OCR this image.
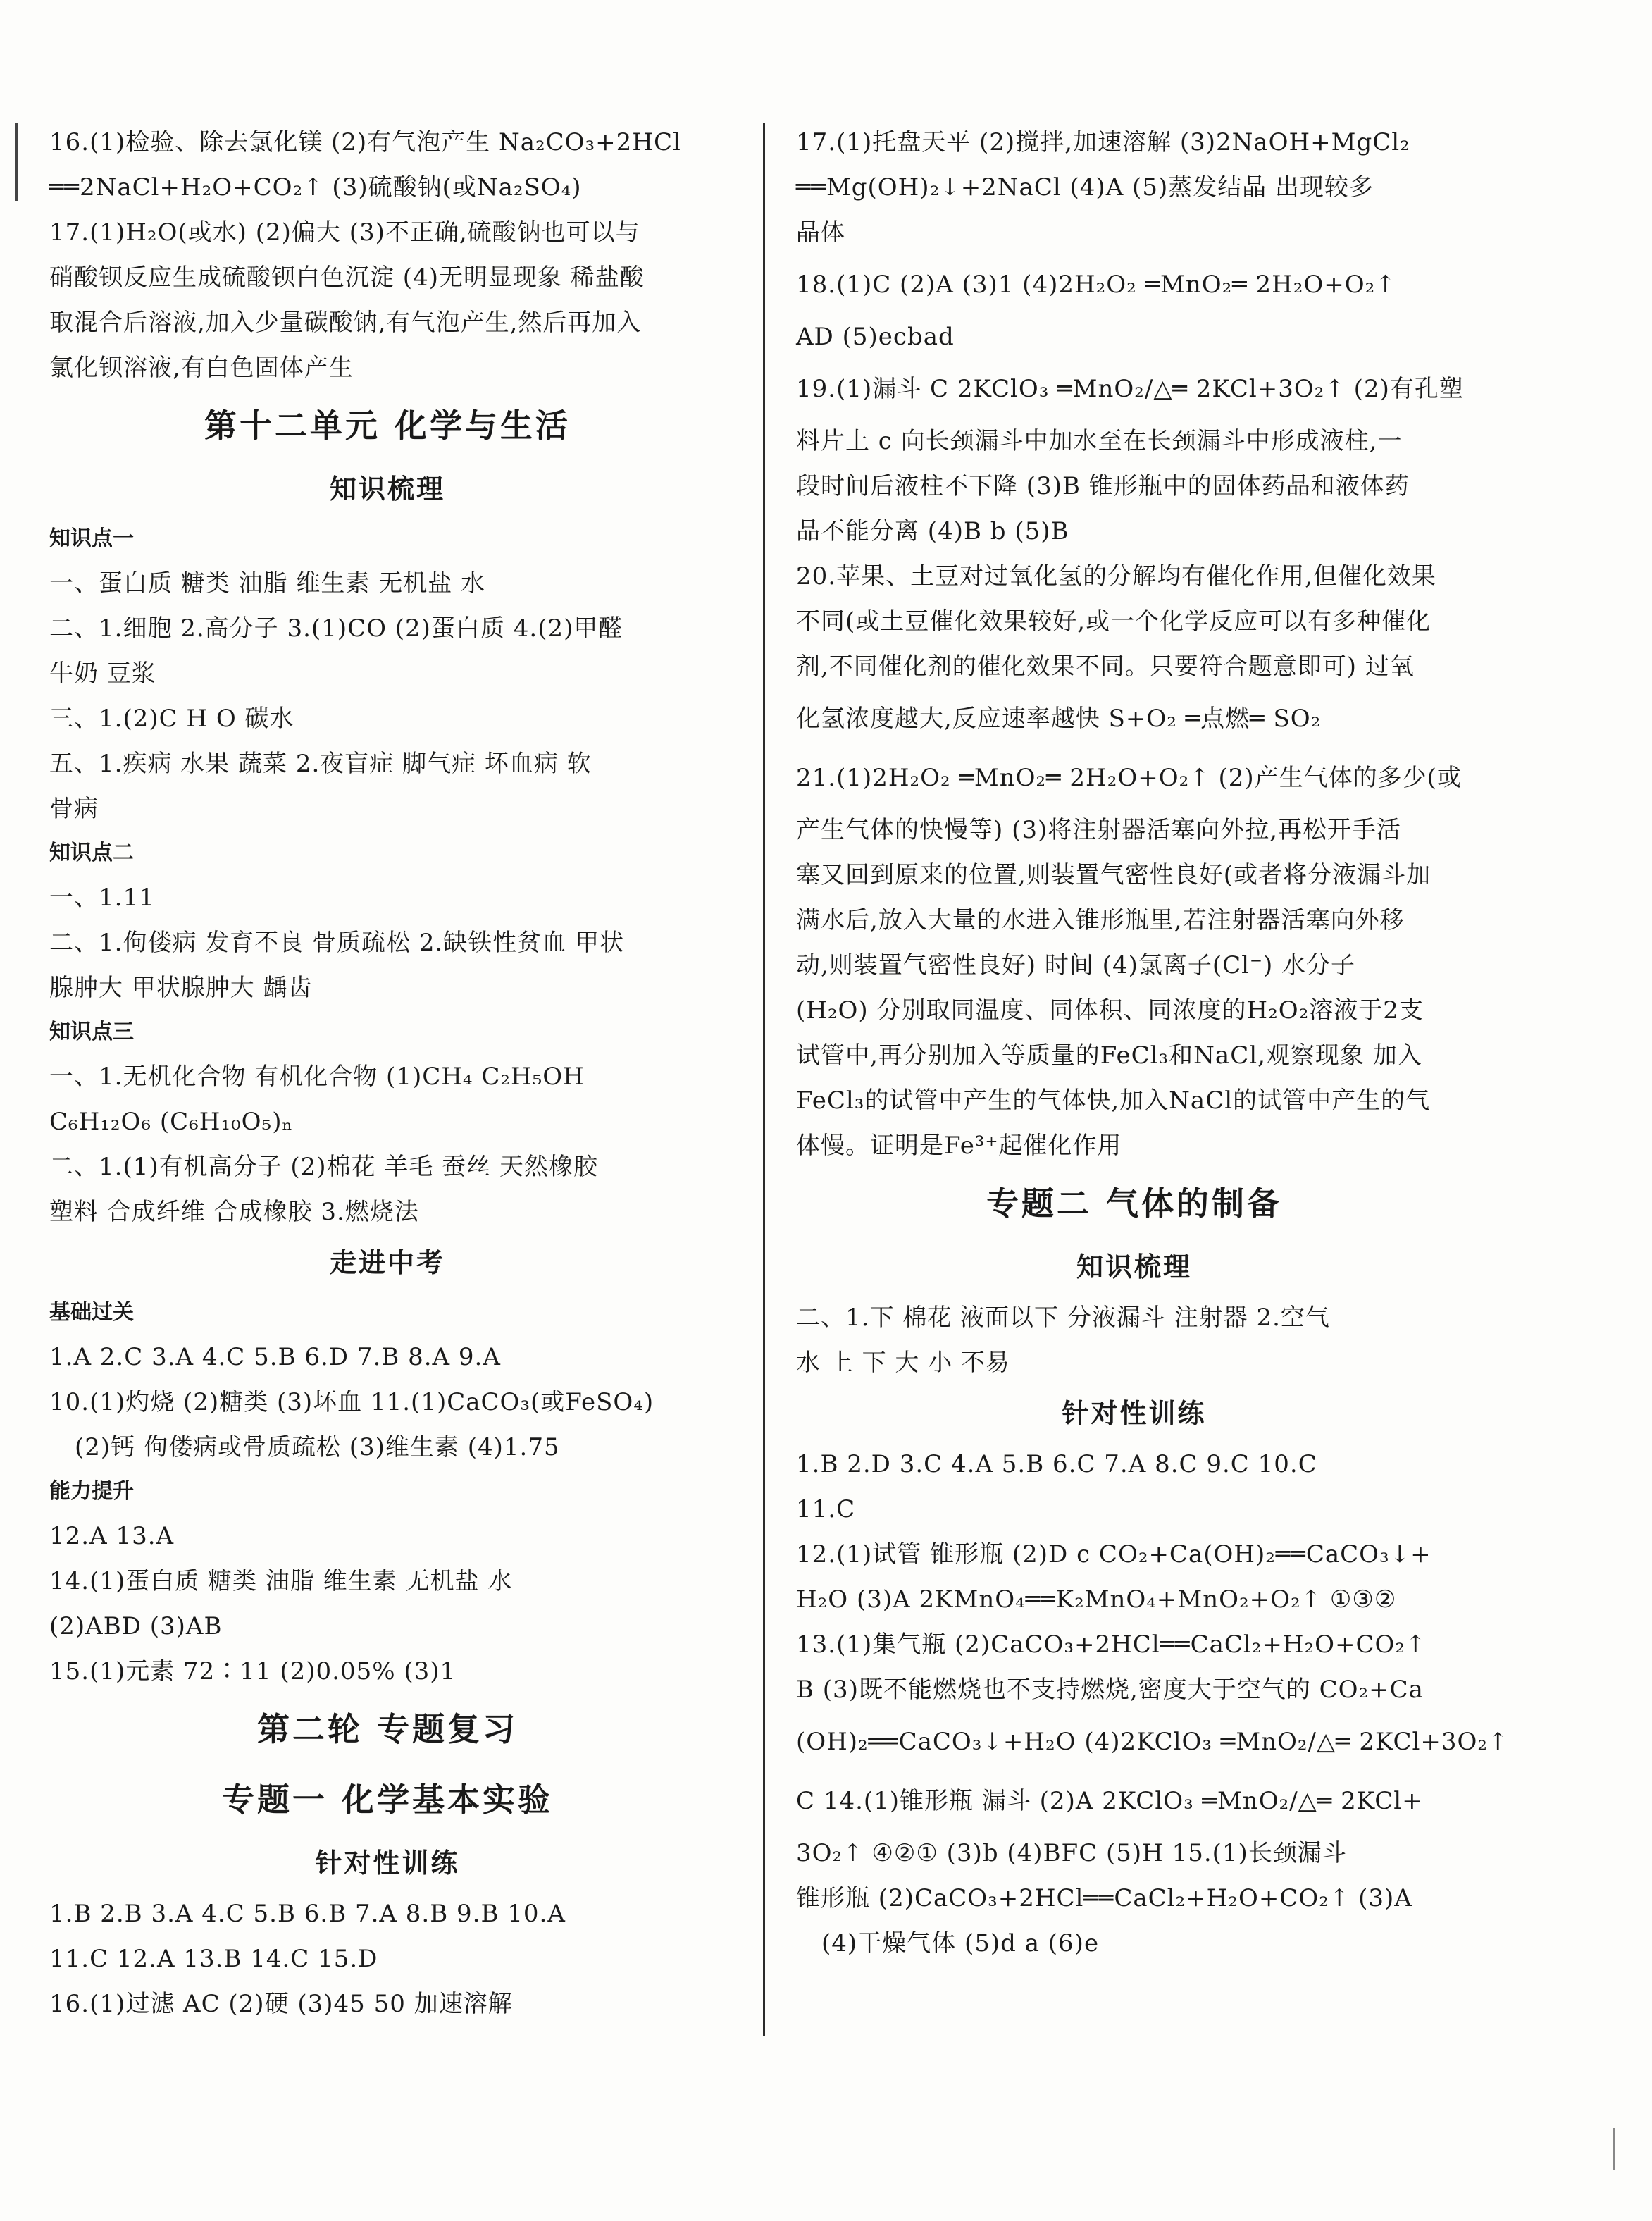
16.(1)检验、除去氯化镁 (2)有气泡产生 Na₂CO₃+2HCl
══2NaCl+H₂O+CO₂↑ (3)硫酸钠(或Na₂SO₄)
17.(1)H₂O(或水) (2)偏大 (3)不正确,硫酸钠也可以与
硝酸钡反应生成硫酸钡白色沉淀 (4)无明显现象 稀盐酸
取混合后溶液,加入少量碳酸钠,有气泡产生,然后再加入
氯化钡溶液,有白色固体产生
第十二单元 化学与生活
知识梳理
知识点一
一、蛋白质 糖类 油脂 维生素 无机盐 水
二、1.细胞 2.高分子 3.(1)CO (2)蛋白质 4.(2)甲醛
牛奶 豆浆
三、1.(2)C H O 碳水
五、1.疾病 水果 蔬菜 2.夜盲症 脚气症 坏血病 软
骨病
知识点二
一、1.11
二、1.佝偻病 发育不良 骨质疏松 2.缺铁性贫血 甲状
腺肿大 甲状腺肿大 龋齿
知识点三
一、1.无机化合物 有机化合物 (1)CH₄ C₂H₅OH
C₆H₁₂O₆ (C₆H₁₀O₅)ₙ
二、1.(1)有机高分子 (2)棉花 羊毛 蚕丝 天然橡胶
塑料 合成纤维 合成橡胶 3.燃烧法
走进中考
基础过关
1.A 2.C 3.A 4.C 5.B 6.D 7.B 8.A 9.A
10.(1)灼烧 (2)糖类 (3)坏血 11.(1)CaCO₃(或FeSO₄)
(2)钙 佝偻病或骨质疏松 (3)维生素 (4)1.75
能力提升
12.A 13.A
14.(1)蛋白质 糖类 油脂 维生素 无机盐 水
(2)ABD (3)AB
15.(1)元素 72∶11 (2)0.05% (3)1
第二轮 专题复习
专题一 化学基本实验
针对性训练
1.B 2.B 3.A 4.C 5.B 6.B 7.A 8.B 9.B 10.A
11.C 12.A 13.B 14.C 15.D
16.(1)过滤 AC (2)硬 (3)45 50 加速溶解
17.(1)托盘天平 (2)搅拌,加速溶解 (3)2NaOH+MgCl₂
══Mg(OH)₂↓+2NaCl (4)A (5)蒸发结晶 出现较多
晶体
18.(1)C (2)A (3)1 (4)2H₂O₂ ═MnO₂═ 2H₂O+O₂↑
AD (5)ecbad
19.(1)漏斗 C 2KClO₃ ═MnO₂/△═ 2KCl+3O₂↑ (2)有孔塑
料片上 c 向长颈漏斗中加水至在长颈漏斗中形成液柱,一
段时间后液柱不下降 (3)B 锥形瓶中的固体药品和液体药
品不能分离 (4)B b (5)B
20.苹果、土豆对过氧化氢的分解均有催化作用,但催化效果
不同(或土豆催化效果较好,或一个化学反应可以有多种催化
剂,不同催化剂的催化效果不同。只要符合题意即可) 过氧
化氢浓度越大,反应速率越快 S+O₂ ═点燃═ SO₂
21.(1)2H₂O₂ ═MnO₂═ 2H₂O+O₂↑ (2)产生气体的多少(或
产生气体的快慢等) (3)将注射器活塞向外拉,再松开手活
塞又回到原来的位置,则装置气密性良好(或者将分液漏斗加
满水后,放入大量的水进入锥形瓶里,若注射器活塞向外移
动,则装置气密性良好) 时间 (4)氯离子(Cl⁻) 水分子
(H₂O) 分别取同温度、同体积、同浓度的H₂O₂溶液于2支
试管中,再分别加入等质量的FeCl₃和NaCl,观察现象 加入
FeCl₃的试管中产生的气体快,加入NaCl的试管中产生的气
体慢。证明是Fe³⁺起催化作用
专题二 气体的制备
知识梳理
二、1.下 棉花 液面以下 分液漏斗 注射器 2.空气
水 上 下 大 小 不易
针对性训练
1.B 2.D 3.C 4.A 5.B 6.C 7.A 8.C 9.C 10.C
11.C
12.(1)试管 锥形瓶 (2)D c CO₂+Ca(OH)₂══CaCO₃↓+
H₂O (3)A 2KMnO₄══K₂MnO₄+MnO₂+O₂↑ ①③②
13.(1)集气瓶 (2)CaCO₃+2HCl══CaCl₂+H₂O+CO₂↑
B (3)既不能燃烧也不支持燃烧,密度大于空气的 CO₂+Ca
(OH)₂══CaCO₃↓+H₂O (4)2KClO₃ ═MnO₂/△═ 2KCl+3O₂↑
C 14.(1)锥形瓶 漏斗 (2)A 2KClO₃ ═MnO₂/△═ 2KCl+
3O₂↑ ④②① (3)b (4)BFC (5)H 15.(1)长颈漏斗
锥形瓶 (2)CaCO₃+2HCl══CaCl₂+H₂O+CO₂↑ (3)A
(4)干燥气体 (5)d a (6)e
